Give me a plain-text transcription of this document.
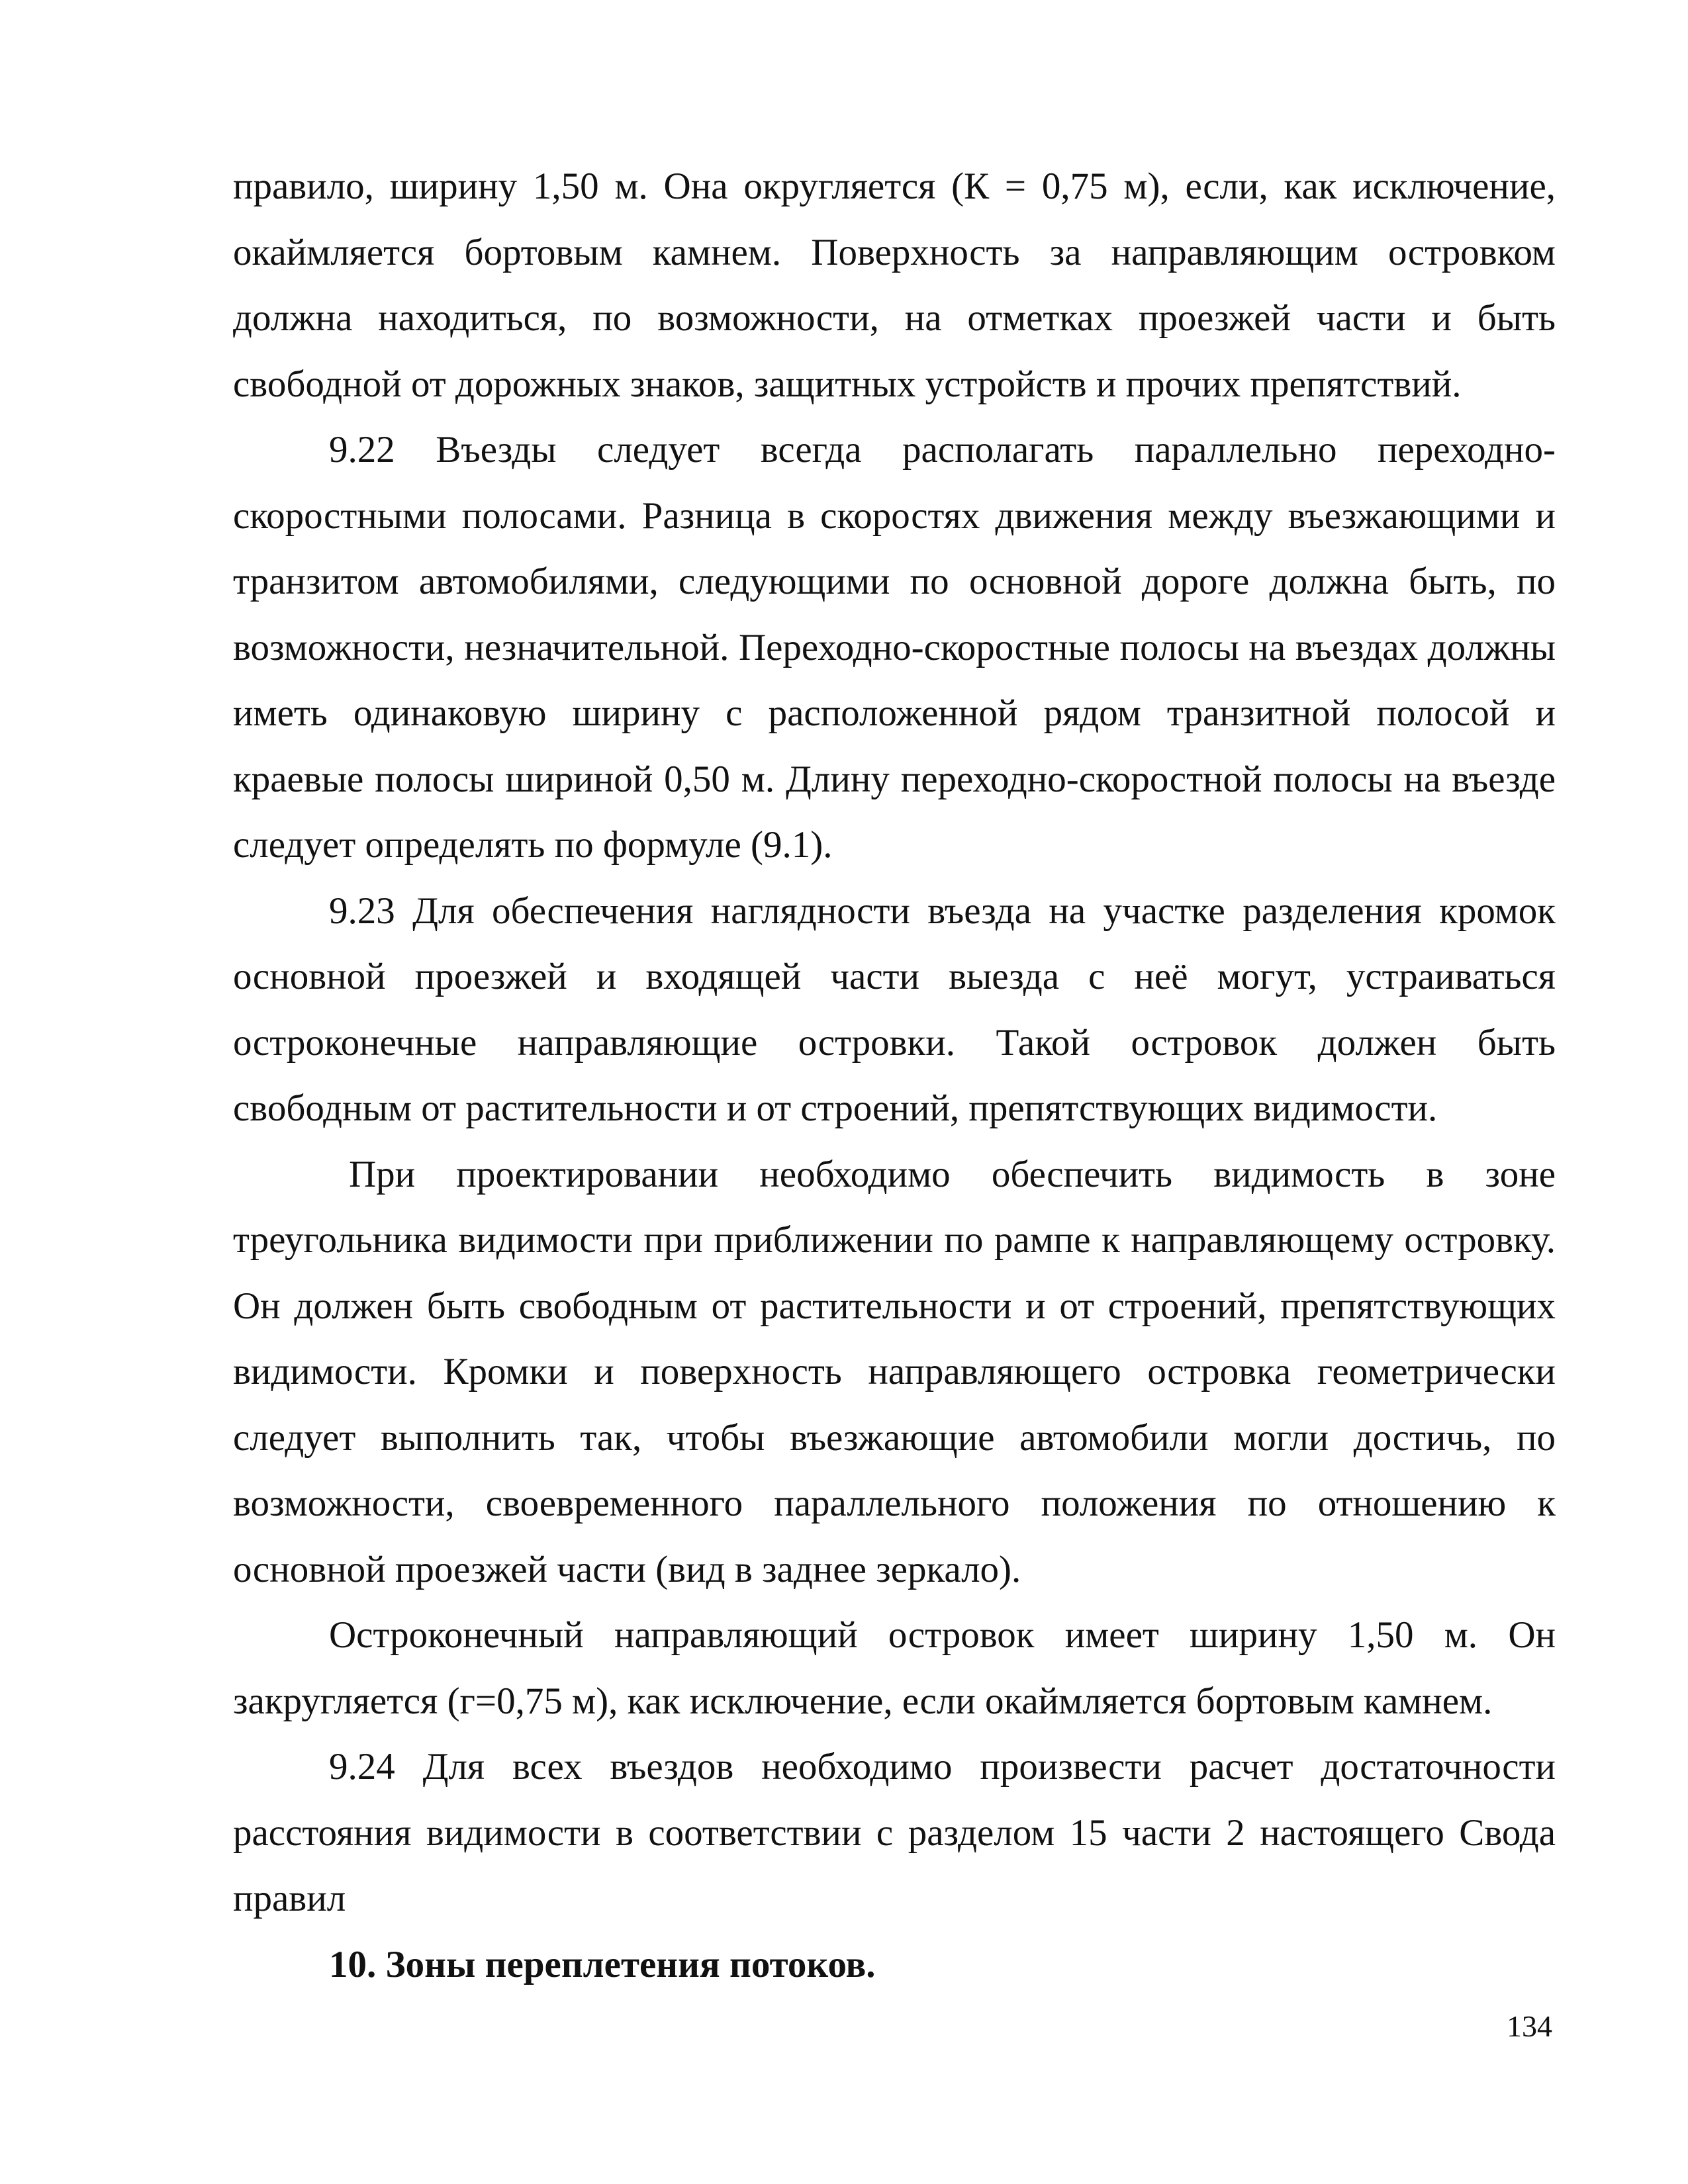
правило, ширину 1,50 м. Она округляется (К = 0,75 м), если, как исключение, окаймляется бортовым камнем. Поверхность за направляющим островком должна находиться, по возможности, на отметках проезжей части и быть свободной от дорожных знаков, защитных устройств и прочих препятствий.

9.22 Въезды следует всегда располагать параллельно переходно-скоростными полосами. Разница в скоростях движения между въезжающими и транзитом автомобилями, следующими по основной дороге должна быть, по возможности, незначительной. Переходно-скоростные полосы на въездах должны иметь одинаковую ширину с расположенной рядом транзитной полосой и краевые полосы шириной 0,50 м. Длину переходно-скоростной полосы на въезде следует определять по формуле (9.1).

9.23 Для обеспечения наглядности въезда на участке разделения кромок основной проезжей и входящей части выезда с неё могут, устраиваться остроконечные направляющие островки. Такой островок должен быть свободным от растительности и от строений, препятствующих видимости.

При проектировании необходимо обеспечить видимость в зоне треугольника видимости при приближении по рампе к направляющему островку. Он должен быть свободным от растительности и от строений, препятствующих видимости. Кромки и поверхность направляющего островка геометрически следует выполнить так, чтобы въезжающие автомобили могли достичь, по возможности, своевременного параллельного положения по отношению к основной проезжей части (вид в заднее зеркало).

Остроконечный направляющий островок имеет ширину 1,50 м. Он закругляется (г=0,75 м), как исключение, если окаймляется бортовым камнем.

9.24 Для всех въездов необходимо произвести расчет достаточности расстояния видимости в соответствии с разделом 15 части 2 настоящего Свода правил

10. Зоны переплетения потоков.

134
